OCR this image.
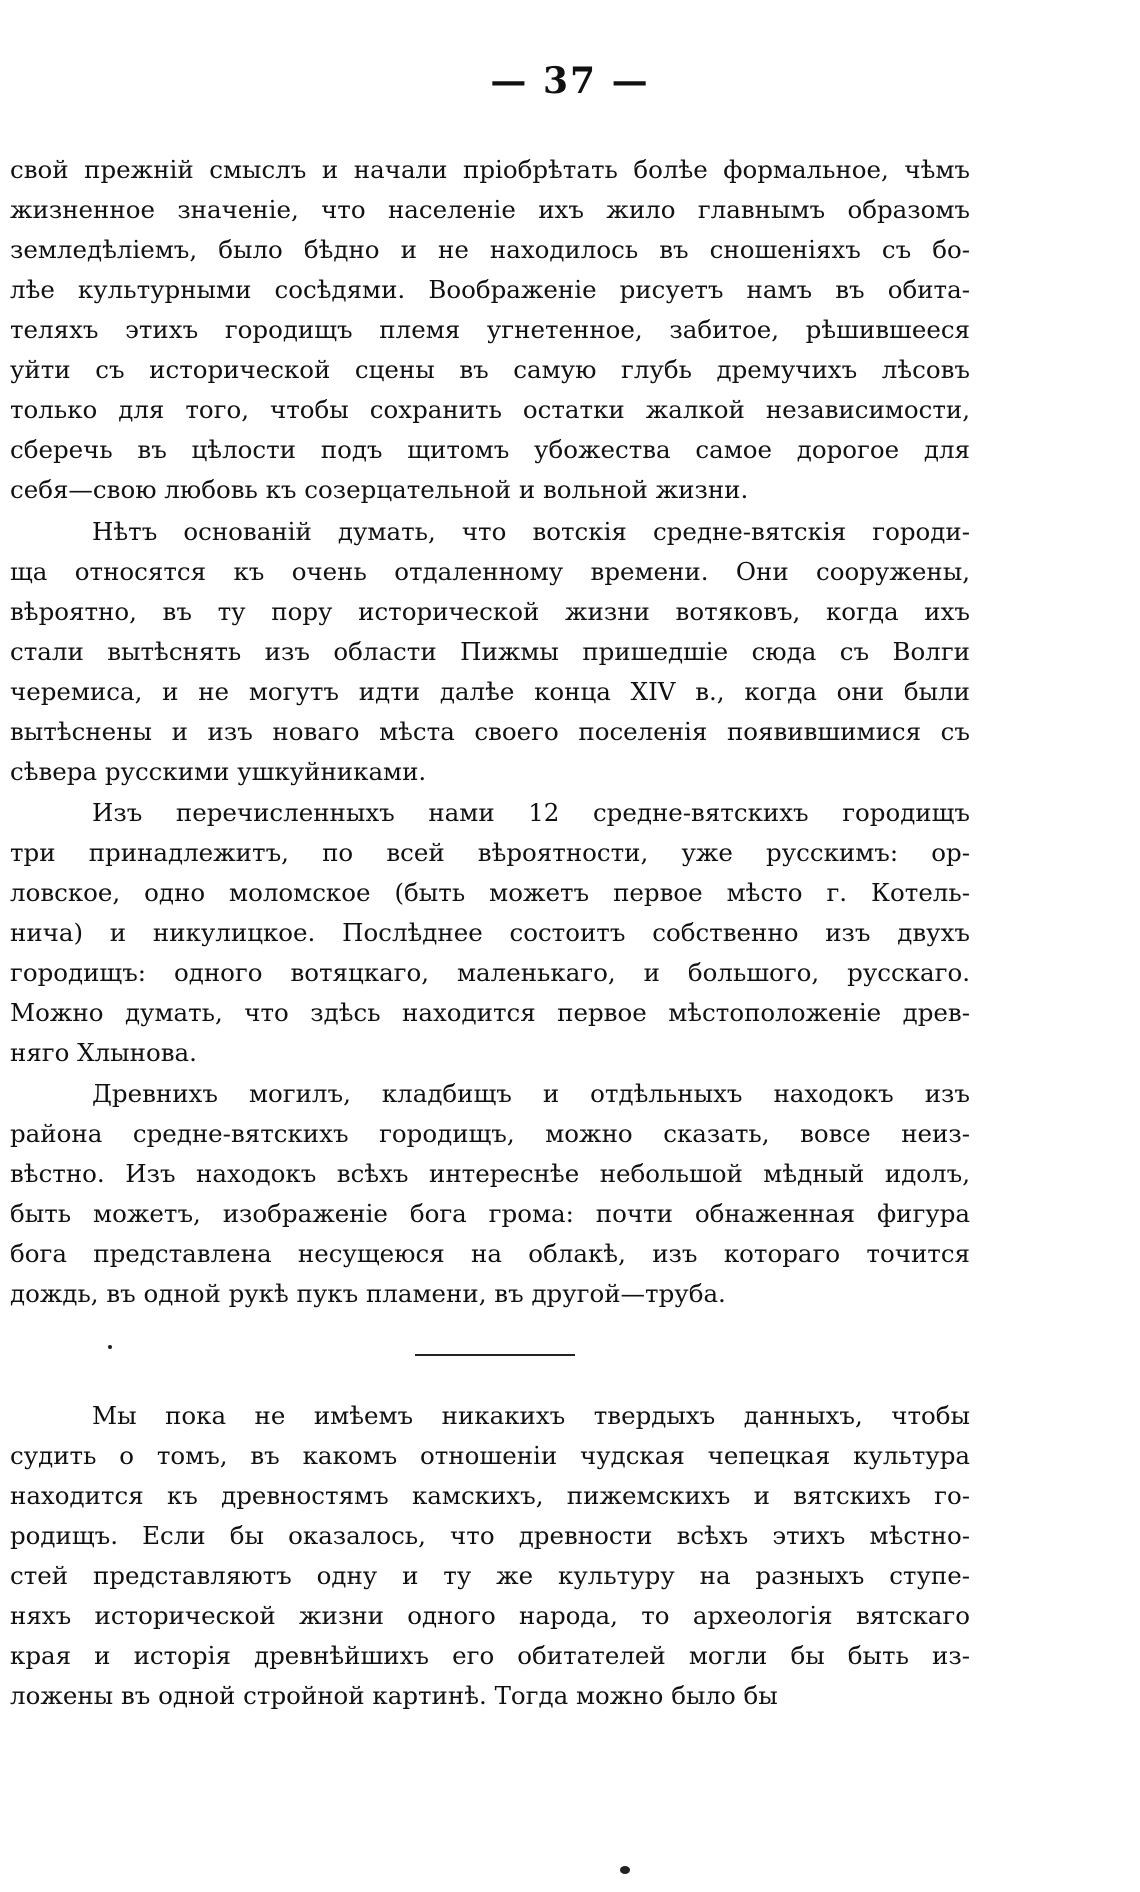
— 37 —
свой прежній смыслъ и начали пріобрѣтать болѣе формальное, чѣмъ
жизненное значеніе, что населеніе ихъ жило главнымъ образомъ
земледѣліемъ, было бѣдно и не находилось въ сношеніяхъ съ бо-
лѣе культурными сосѣдями. Воображеніе рисуетъ намъ въ обита-
теляхъ этихъ городищъ племя угнетенное, забитое, рѣшившееся
уйти съ исторической сцены въ самую глубь дремучихъ лѣсовъ
только для того, чтобы сохранить остатки жалкой независимости,
сберечь въ цѣлости подъ щитомъ убожества самое дорогое для
себя—свою любовь къ созерцательной и вольной жизни.
Нѣтъ основаній думать, что вотскія средне-вятскія городи-
ща относятся къ очень отдаленному времени. Они сооружены,
вѣроятно, въ ту пору исторической жизни вотяковъ, когда ихъ
стали вытѣснять изъ области Пижмы пришедшіе сюда съ Волги
черемиса, и не могутъ идти далѣе конца XIV в., когда они были
вытѣснены и изъ новаго мѣста своего поселенія появившимися съ
сѣвера русскими ушкуйниками.
Изъ перечисленныхъ нами 12 средне-вятскихъ городищъ
три принадлежитъ, по всей вѣроятности, уже русскимъ: ор-
ловское, одно моломское (быть можетъ первое мѣсто г. Котель-
нича) и никулицкое. Послѣднее состоитъ собственно изъ двухъ
городищъ: одного вотяцкаго, маленькаго, и большого, русскаго.
Можно думать, что здѣсь находится первое мѣстоположеніе древ-
няго Хлынова.
Древнихъ могилъ, кладбищъ и отдѣльныхъ находокъ изъ
района средне-вятскихъ городищъ, можно сказать, вовсе неиз-
вѣстно. Изъ находокъ всѣхъ интереснѣе небольшой мѣдный идолъ,
быть можетъ, изображеніе бога грома: почти обнаженная фигура
бога представлена несущеюся на облакѣ, изъ котораго точится
дождь, въ одной рукѣ пукъ пламени, въ другой—труба.
Мы пока не имѣемъ никакихъ твердыхъ данныхъ, чтобы
судить о томъ, въ какомъ отношеніи чудская чепецкая культура
находится къ древностямъ камскихъ, пижемскихъ и вятскихъ го-
родищъ. Если бы оказалось, что древности всѣхъ этихъ мѣстно-
стей представляютъ одну и ту же культуру на разныхъ ступе-
няхъ исторической жизни одного народа, то археологія вятскаго
края и исторія древнѣйшихъ его обитателей могли бы быть из-
ложены въ одной стройной картинѣ. Тогда можно было бы
